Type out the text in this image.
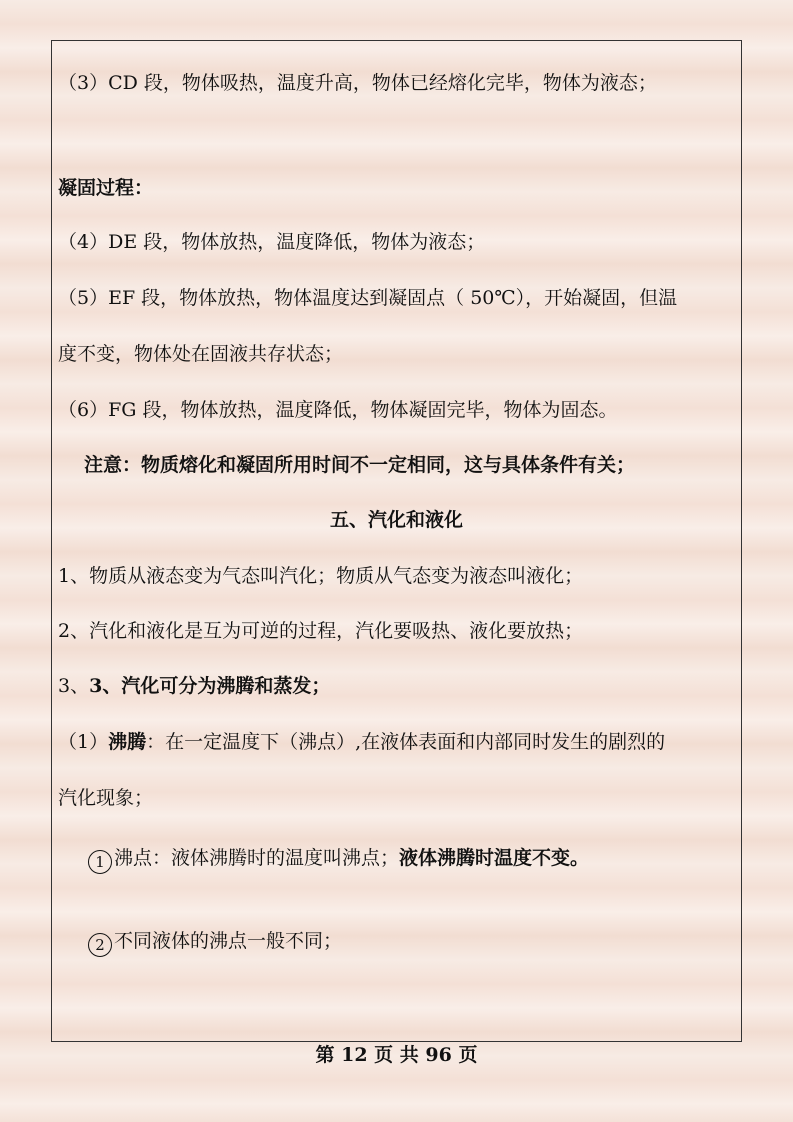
（3）CD 段，物体吸热，温度升高，物体已经熔化完毕，物体为液态；
凝固过程：
（4）DE 段，物体放热，温度降低，物体为液态；
（5）EF 段，物体放热，物体温度达到凝固点（ 50℃），开始凝固，但温
度不变，物体处在固液共存状态；
（6）FG 段，物体放热，温度降低，物体凝固完毕，物体为固态。
注意：物质熔化和凝固所用时间不一定相同，这与具体条件有关；
五、汽化和液化
1、物质从液态变为气态叫汽化；物质从气态变为液态叫液化；
2、汽化和液化是互为可逆的过程，汽化要吸热、液化要放热；
3、3、汽化可分为沸腾和蒸发；
（1）沸腾：在一定温度下（沸点）,在液体表面和内部同时发生的剧烈的
汽化现象；
1 沸点：液体沸腾时的温度叫沸点；液体沸腾时温度不变。
2 不同液体的沸点一般不同；
第 12 页 共 96 页
